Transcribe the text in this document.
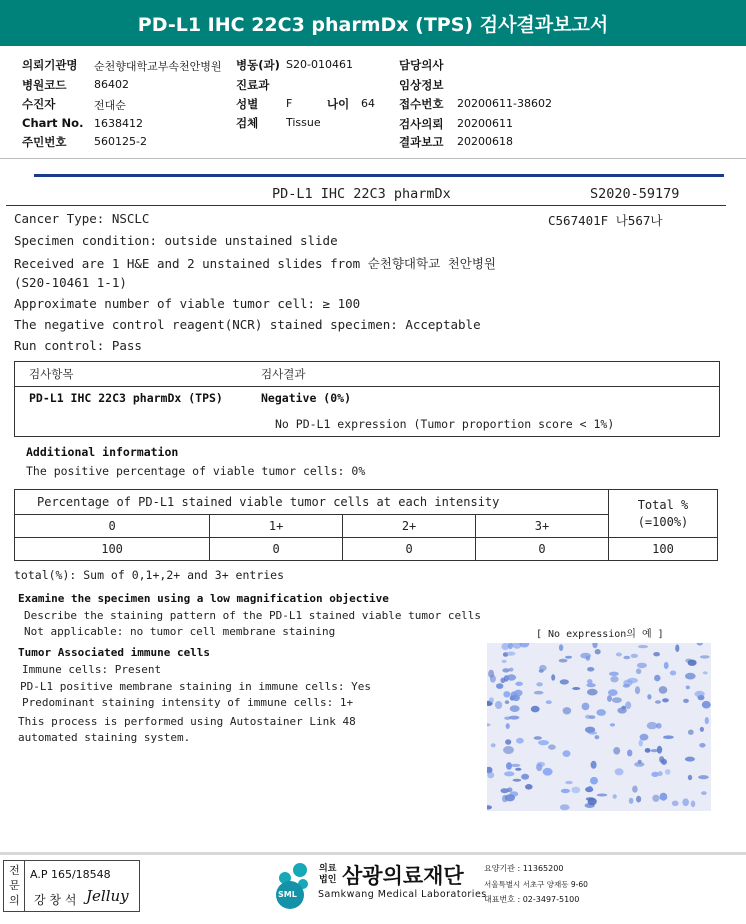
PD-L1 IHC 22C3 pharmDx (TPS) 검사결과보고서
의뢰기관명 순천향대학교부속천안병원 병동(과) S20-010461	담당의사
병원코드	86402	진료과	임상정보
수진자	전대순	성별	F	나이 64 접수번호 20200611-38602
Chart No. 1638412	검체	Tissue	검사의뢰 20200611
주민번호	560125-2	결과보고 20200618
PD-L1 IHC 22C3 pharmDx	S2020-59179
Cancer Type: NSCLC	C567401F 나567나
Specimen condition: outside unstained slide
Received are 1 H&E and 2 unstained slides from 순천향대학교 천안병원
(S20-10461 1-1)
Approximate number of viable tumor cell: ≥ 100
The negative control reagent(NCR) stained specimen: Acceptable
Run control: Pass
검사항목	검사결과
PD-L1 IHC 22C3 pharmDx (TPS)	Negative (0%)
No PD-L1 expression (Tumor proportion score < 1%)
Additional information
The positive percentage of viable tumor cells: 0%
Percentage of PD-L1 stained viable tumor cells at each intensity				Total %
(=100%)

0	1+	2+	3+	
100	0	0	0	100
total(%): Sum of 0,1+,2+ and 3+ entries
Examine the specimen using a low magnification objective
Describe the staining pattern of the PD-L1 stained viable tumor cells
Not applicable: no tumor cell membrane staining	[ No expression의 예 ]
Tumor Associated immune cells
Immune cells: Present
PD-L1 positive membrane staining in immune cells: Yes
Predominant staining intensity of immune cells: 1+
This process is performed using Autostainer Link 48
automated staining system.
전문의
A.P 165/18548
강 창 석 Jelluy	SML
의료
법인 삼광의료재단
Samkwang Medical Laboratories
요양기관 : 11365200
서울특별시 서초구 양재동 9-60
대표번호 : 02-3497-5100
